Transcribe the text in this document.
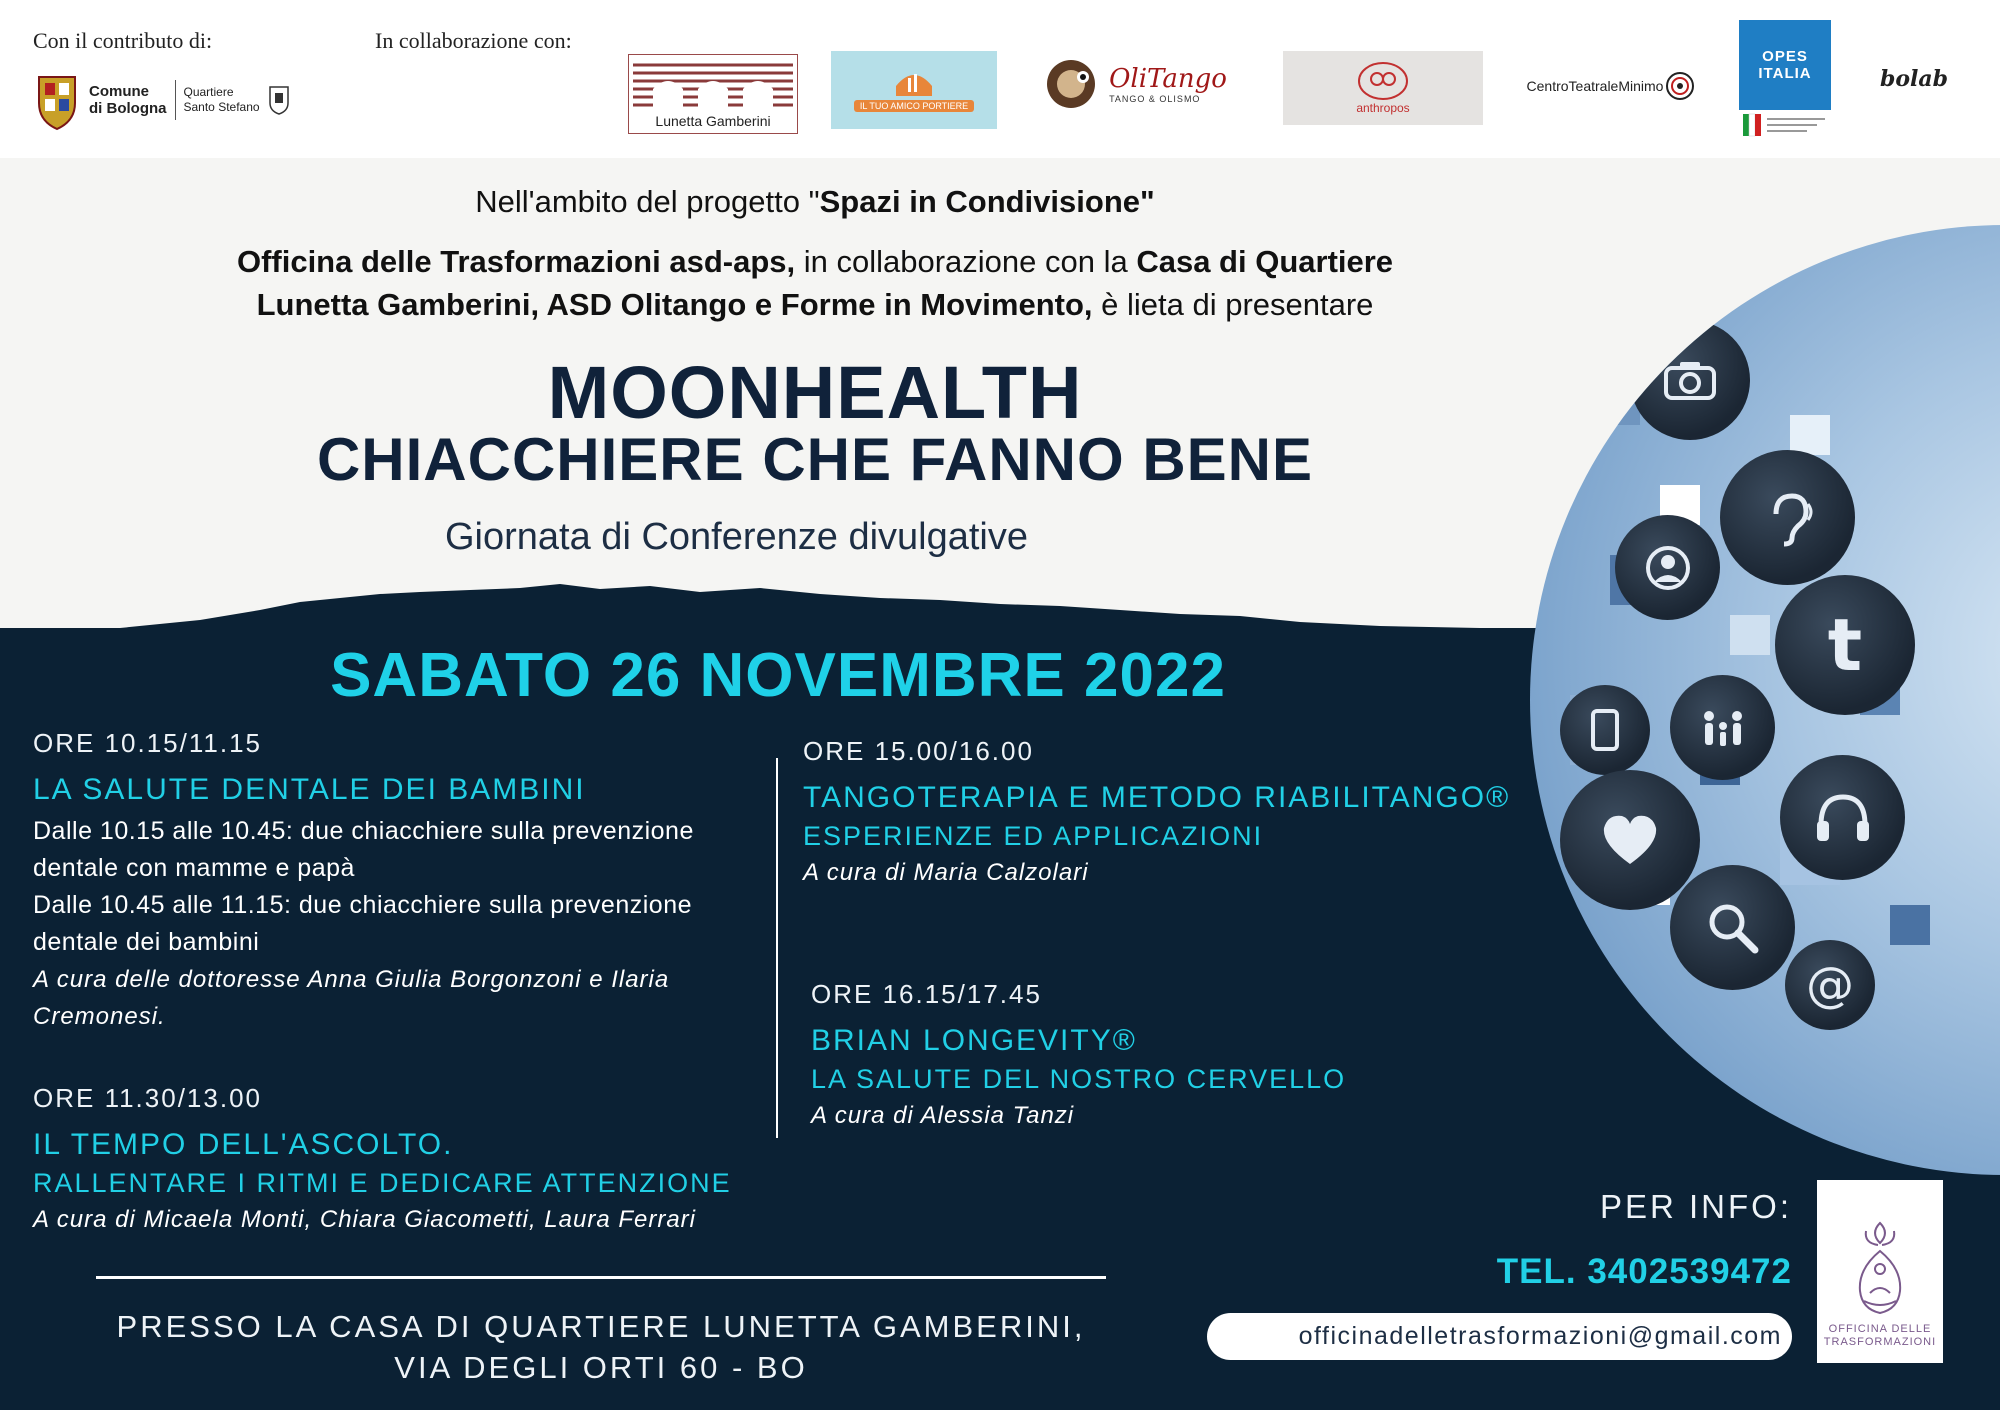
Con il contributo di:	In collaborazione con:
Comune
di Bologna
Quartiere
Santo Stefano
Lunetta Gamberini
IL TUO AMICO PORTIERE
OliTango
TANGO & OLISMO
anthropos
CentroTeatraleMinimo
OPES ITALIA	bolab
t
@
Nell'ambito del progetto "Spazi in Condivisione"
Officina delle Trasformazioni asd-aps, in collaborazione con la Casa di Quartiere
Lunetta Gamberini, ASD Olitango e Forme in Movimento, è lieta di presentare
MOONHEALTH
CHIACCHIERE CHE FANNO BENE
Giornata di Conferenze divulgative
SABATO 26 NOVEMBRE 2022
ORE 10.15/11.15
LA SALUTE DENTALE DEI BAMBINI
Dalle 10.15 alle 10.45: due chiacchiere sulla prevenzione
dentale con mamme e papà
Dalle 10.45 alle 11.15: due chiacchiere sulla prevenzione
dentale dei bambini
A cura delle dottoresse Anna Giulia Borgonzoni e Ilaria
Cremonesi.
ORE 11.30/13.00
IL TEMPO DELL'ASCOLTO.
RALLENTARE I RITMI E DEDICARE ATTENZIONE
A cura di Micaela Monti, Chiara Giacometti, Laura Ferrari
ORE 15.00/16.00
TANGOTERAPIA E METODO RIABILITANGO®
ESPERIENZE ED APPLICAZIONI
A cura di Maria Calzolari
ORE 16.15/17.45
BRIAN LONGEVITY®
LA SALUTE DEL NOSTRO CERVELLO
A cura di Alessia Tanzi
PRESSO LA CASA DI QUARTIERE LUNETTA GAMBERINI,
VIA DEGLI ORTI 60 - BO
PER INFO:
TEL. 3402539472
officinadelletrasformazioni@gmail.com	OFFICINA DELLE
TRASFORMAZIONI
